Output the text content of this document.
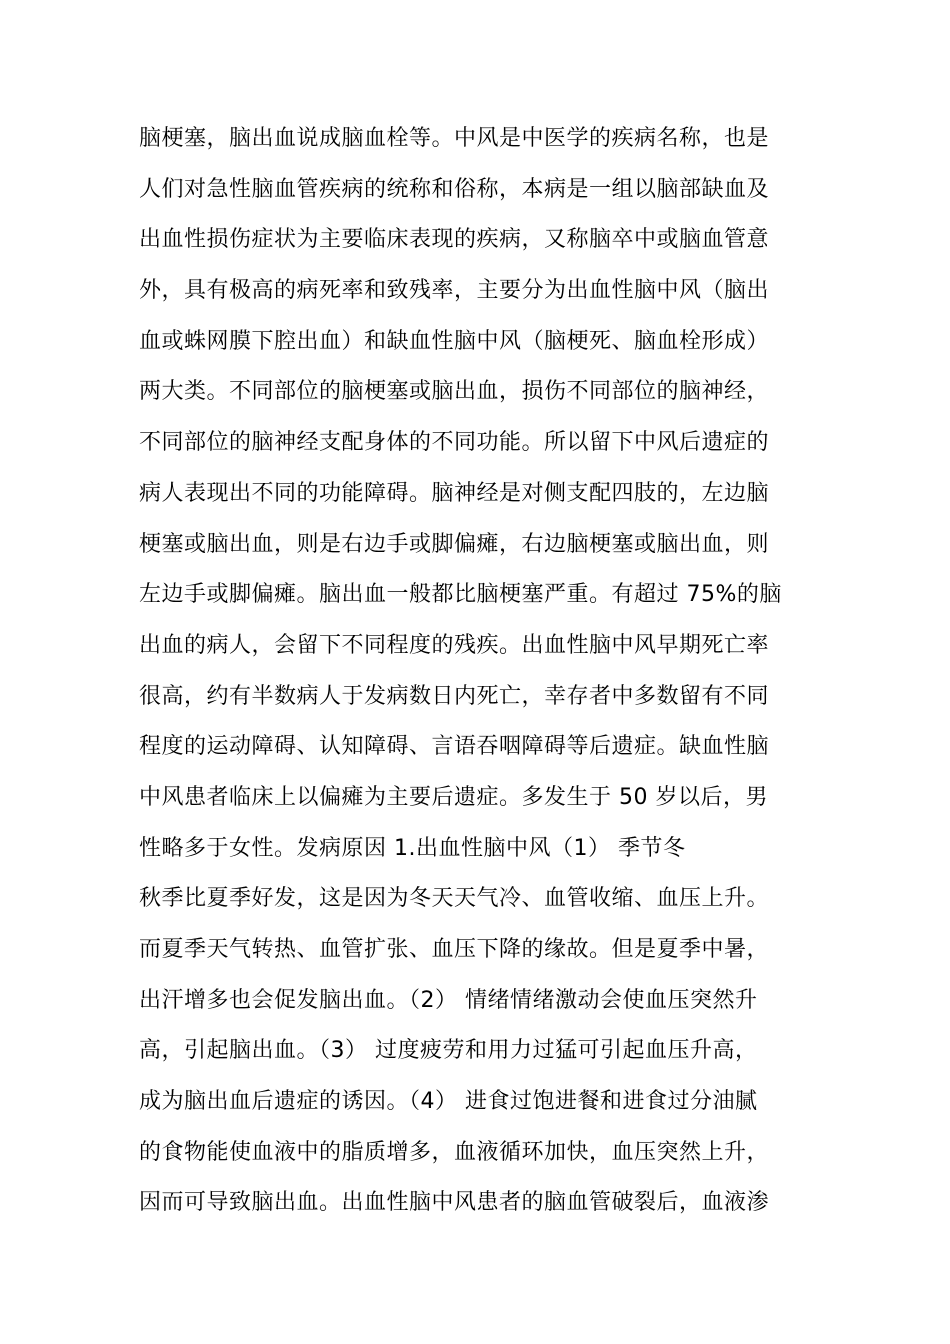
脑梗塞，脑出血说成脑血栓等。中风是中医学的疾病名称，也是
人们对急性脑血管疾病的统称和俗称，本病是一组以脑部缺血及
出血性损伤症状为主要临床表现的疾病，又称脑卒中或脑血管意
外，具有极高的病死率和致残率，主要分为出血性脑中风（脑出
血或蛛网膜下腔出血）和缺血性脑中风（脑梗死、脑血栓形成）
两大类。不同部位的脑梗塞或脑出血，损伤不同部位的脑神经，
不同部位的脑神经支配身体的不同功能。所以留下中风后遗症的
病人表现出不同的功能障碍。脑神经是对侧支配四肢的，左边脑
梗塞或脑出血，则是右边手或脚偏瘫，右边脑梗塞或脑出血，则
左边手或脚偏瘫。脑出血一般都比脑梗塞严重。有超过 75%的脑
出血的病人，会留下不同程度的残疾。出血性脑中风早期死亡率
很高，约有半数病人于发病数日内死亡，幸存者中多数留有不同
程度的运动障碍、认知障碍、言语吞咽障碍等后遗症。缺血性脑
中风患者临床上以偏瘫为主要后遗症。多发生于 50 岁以后，男
性略多于女性。发病原因 1.出血性脑中风（1） 季节冬
秋季比夏季好发，这是因为冬天天气冷、血管收缩、血压上升。
而夏季天气转热、血管扩张、血压下降的缘故。但是夏季中暑，
出汗增多也会促发脑出血。（2） 情绪情绪激动会使血压突然升
高，引起脑出血。（3） 过度疲劳和用力过猛可引起血压升高，
成为脑出血后遗症的诱因。（4） 进食过饱进餐和进食过分油腻
的食物能使血液中的脂质增多，血液循环加快，血压突然上升，
因而可导致脑出血。出血性脑中风患者的脑血管破裂后，血液渗
